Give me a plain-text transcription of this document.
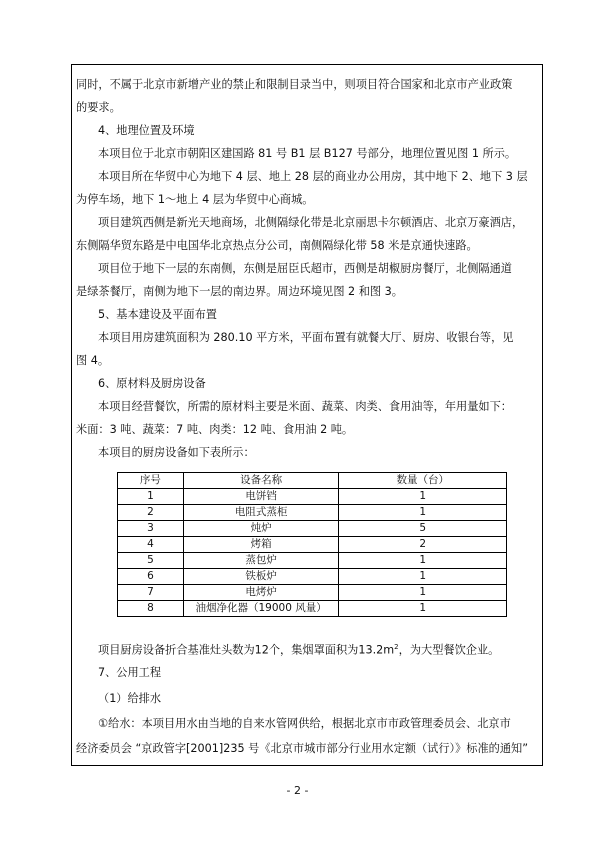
同时，不属于北京市新增产业的禁止和限制目录当中，则项目符合国家和北京市产业政策
的要求。
4、地理位置及环境
本项目位于北京市朝阳区建国路 81 号 B1 层 B127 号部分，地理位置见图 1 所示。
本项目所在华贸中心为地下 4 层、地上 28 层的商业办公用房，其中地下 2、地下 3 层
为停车场，地下 1～地上 4 层为华贸中心商城。
项目建筑西侧是新光天地商场，北侧隔绿化带是北京丽思卡尔顿酒店、北京万豪酒店，
东侧隔华贸东路是中电国华北京热点分公司，南侧隔绿化带 58 米是京通快速路。
项目位于地下一层的东南侧，东侧是屈臣氏超市，西侧是胡椒厨房餐厅，北侧隔通道
是绿茶餐厅，南侧为地下一层的南边界。周边环境见图 2 和图 3。
5、基本建设及平面布置
本项目用房建筑面积为 280.10 平方米，平面布置有就餐大厅、厨房、收银台等，见
图 4。
6、原材料及厨房设备
本项目经营餐饮，所需的原材料主要是米面、蔬菜、肉类、食用油等，年用量如下：
米面：3 吨、蔬菜：7 吨、肉类：12 吨、食用油 2 吨。
本项目的厨房设备如下表所示：
序号	设备名称	数量（台）
1	电饼铛	1
2	电阻式蒸柜	1
3	炖炉	5
4	烤箱	2
5	蒸包炉	1
6	铁板炉	1
7	电烤炉	1
8	油烟净化器（19000 风量）	1
项目厨房设备折合基准灶头数为12个，集烟罩面积为$13.2m^2$，为大型餐饮企业。
7、公用工程
（1）给排水
①给水：本项目用水由当地的自来水管网供给，根据北京市市政管理委员会、北京市
经济委员会 “京政管字[2001]235 号《北京市城市部分行业用水定额（试行）》标准的通知”
- 2 -
